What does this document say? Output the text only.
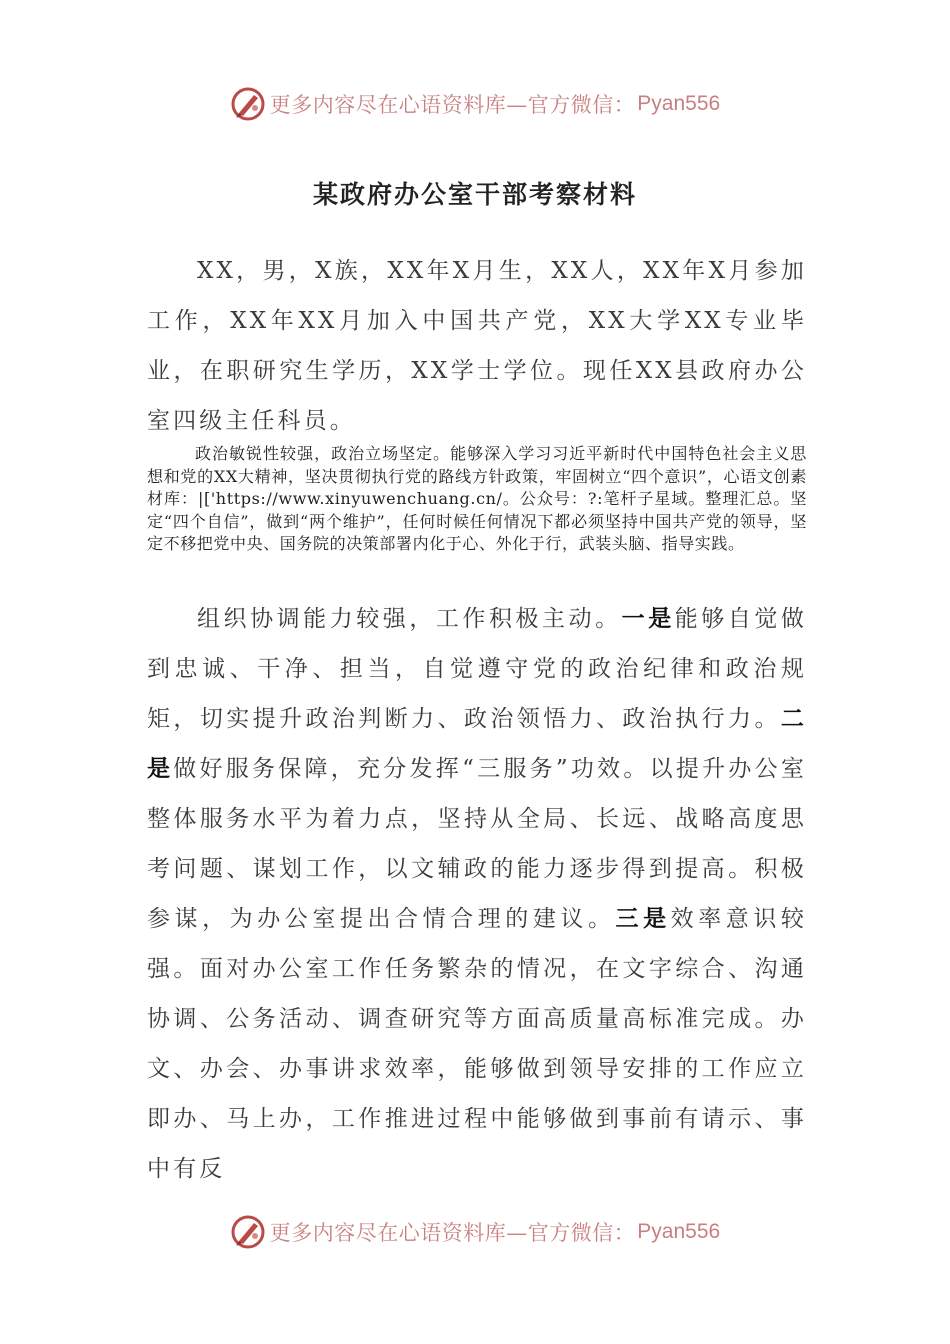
更多内容尽在心语资料库—官方微信： Pyan556
某政府办公室干部考察材料

XX，男，X族，XX年X月生，XX人，XX年X月参加工作，XX年XX月加入中国共产党，XX大学XX专业毕业，在职研究生学历，XX学士学位。现任XX县政府办公室四级主任科员。

政治敏锐性较强，政治立场坚定。能够深入学习习近平新时代中国特色社会主义思想和党的XX大精神，坚决贯彻执行党的路线方针政策，牢固树立“四个意识”，心语文创素材库：|['https://www.xinyuwenchuang.cn/。公众号：?:笔杆子星域。整理汇总。坚定“四个自信”，做到“两个维护”，任何时候任何情况下都必须坚持中国共产党的领导，坚定不移把党中央、国务院的决策部署内化于心、外化于行，武装头脑、指导实践。

组织协调能力较强，工作积极主动。一是能够自觉做到忠诚、干净、担当，自觉遵守党的政治纪律和政治规矩，切实提升政治判断力、政治领悟力、政治执行力。二是做好服务保障，充分发挥“三服务”功效。以提升办公室整体服务水平为着力点，坚持从全局、长远、战略高度思考问题、谋划工作，以文辅政的能力逐步得到提高。积极参谋，为办公室提出合情合理的建议。三是效率意识较强。面对办公室工作任务繁杂的情况，在文字综合、沟通协调、公务活动、调查研究等方面高质量高标准完成。办文、办会、办事讲求效率，能够做到领导安排的工作应立即办、马上办，工作推进过程中能够做到事前有请示、事中有反

更多内容尽在心语资料库—官方微信： Pyan556
